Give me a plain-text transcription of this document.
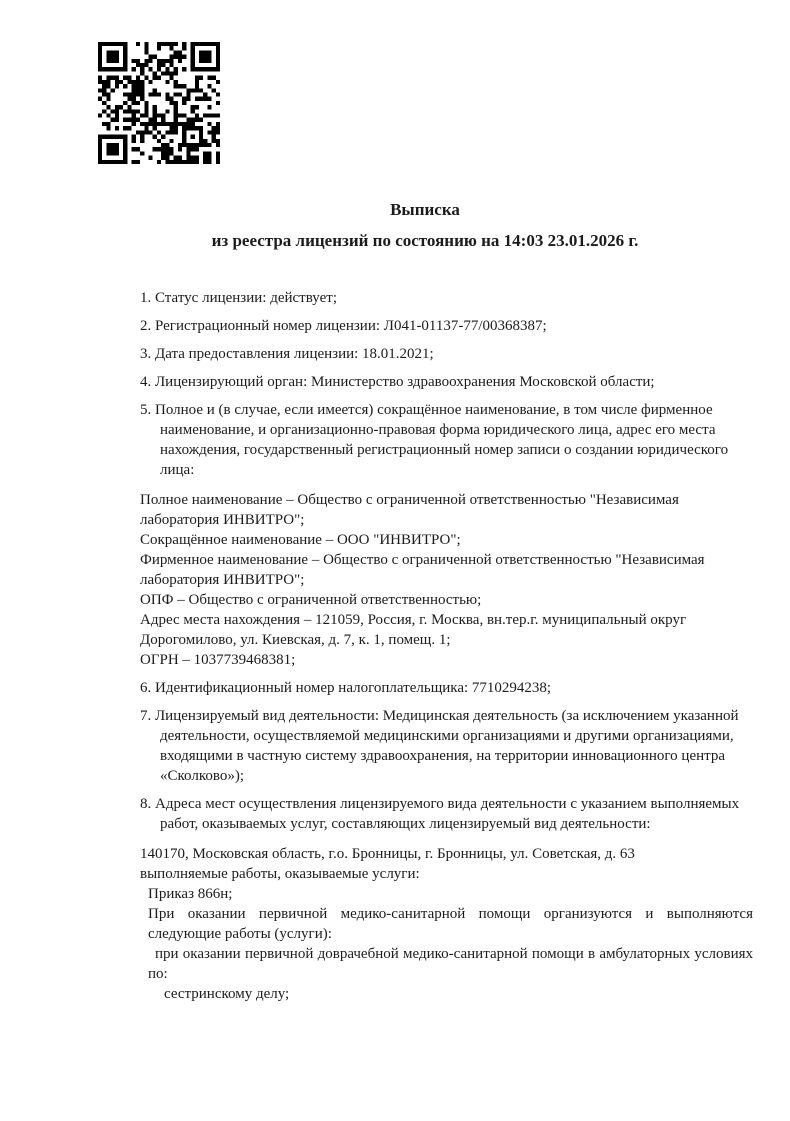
Выписка
из реестра лицензий по состоянию на 14:03 23.01.2026 г.
1. Статус лицензии: действует;
2. Регистрационный номер лицензии: Л041-01137-77/00368387;
3. Дата предоставления лицензии: 18.01.2021;
4. Лицензирующий орган: Министерство здравоохранения Московской области;
5. Полное и (в случае, если имеется) сокращённое наименование, в том числе фирменное наименование, и организационно-правовая форма юридического лица, адрес его места нахождения, государственный регистрационный номер записи о создании юридического лица:
Полное наименование – Общество с ограниченной ответственностью "Независимая лаборатория ИНВИТРО";
Сокращённое наименование – ООО "ИНВИТРО";
Фирменное наименование – Общество с ограниченной ответственностью "Независимая лаборатория ИНВИТРО";
ОПФ – Общество с ограниченной ответственностью;
Адрес места нахождения – 121059, Россия, г. Москва, вн.тер.г. муниципальный округ Дорогомилово, ул. Киевская, д. 7, к. 1, помещ. 1;
ОГРН – 1037739468381;
6. Идентификационный номер налогоплательщика: 7710294238;
7. Лицензируемый вид деятельности: Медицинская деятельность (за исключением указанной деятельности, осуществляемой медицинскими организациями и другими организациями, входящими в частную систему здравоохранения, на территории инновационного центра «Сколково»);
8. Адреса мест осуществления лицензируемого вида деятельности с указанием выполняемых работ, оказываемых услуг, составляющих лицензируемый вид деятельности:
140170, Московская область, г.о. Бронницы, г. Бронницы, ул. Советская, д. 63
выполняемые работы, оказываемые услуги:
Приказ 866н;
При оказании первичной медико-санитарной помощи организуются и выполняются следующие работы (услуги):
при оказании первичной доврачебной медико-санитарной помощи в амбулаторных условиях по:
сестринскому делу;
